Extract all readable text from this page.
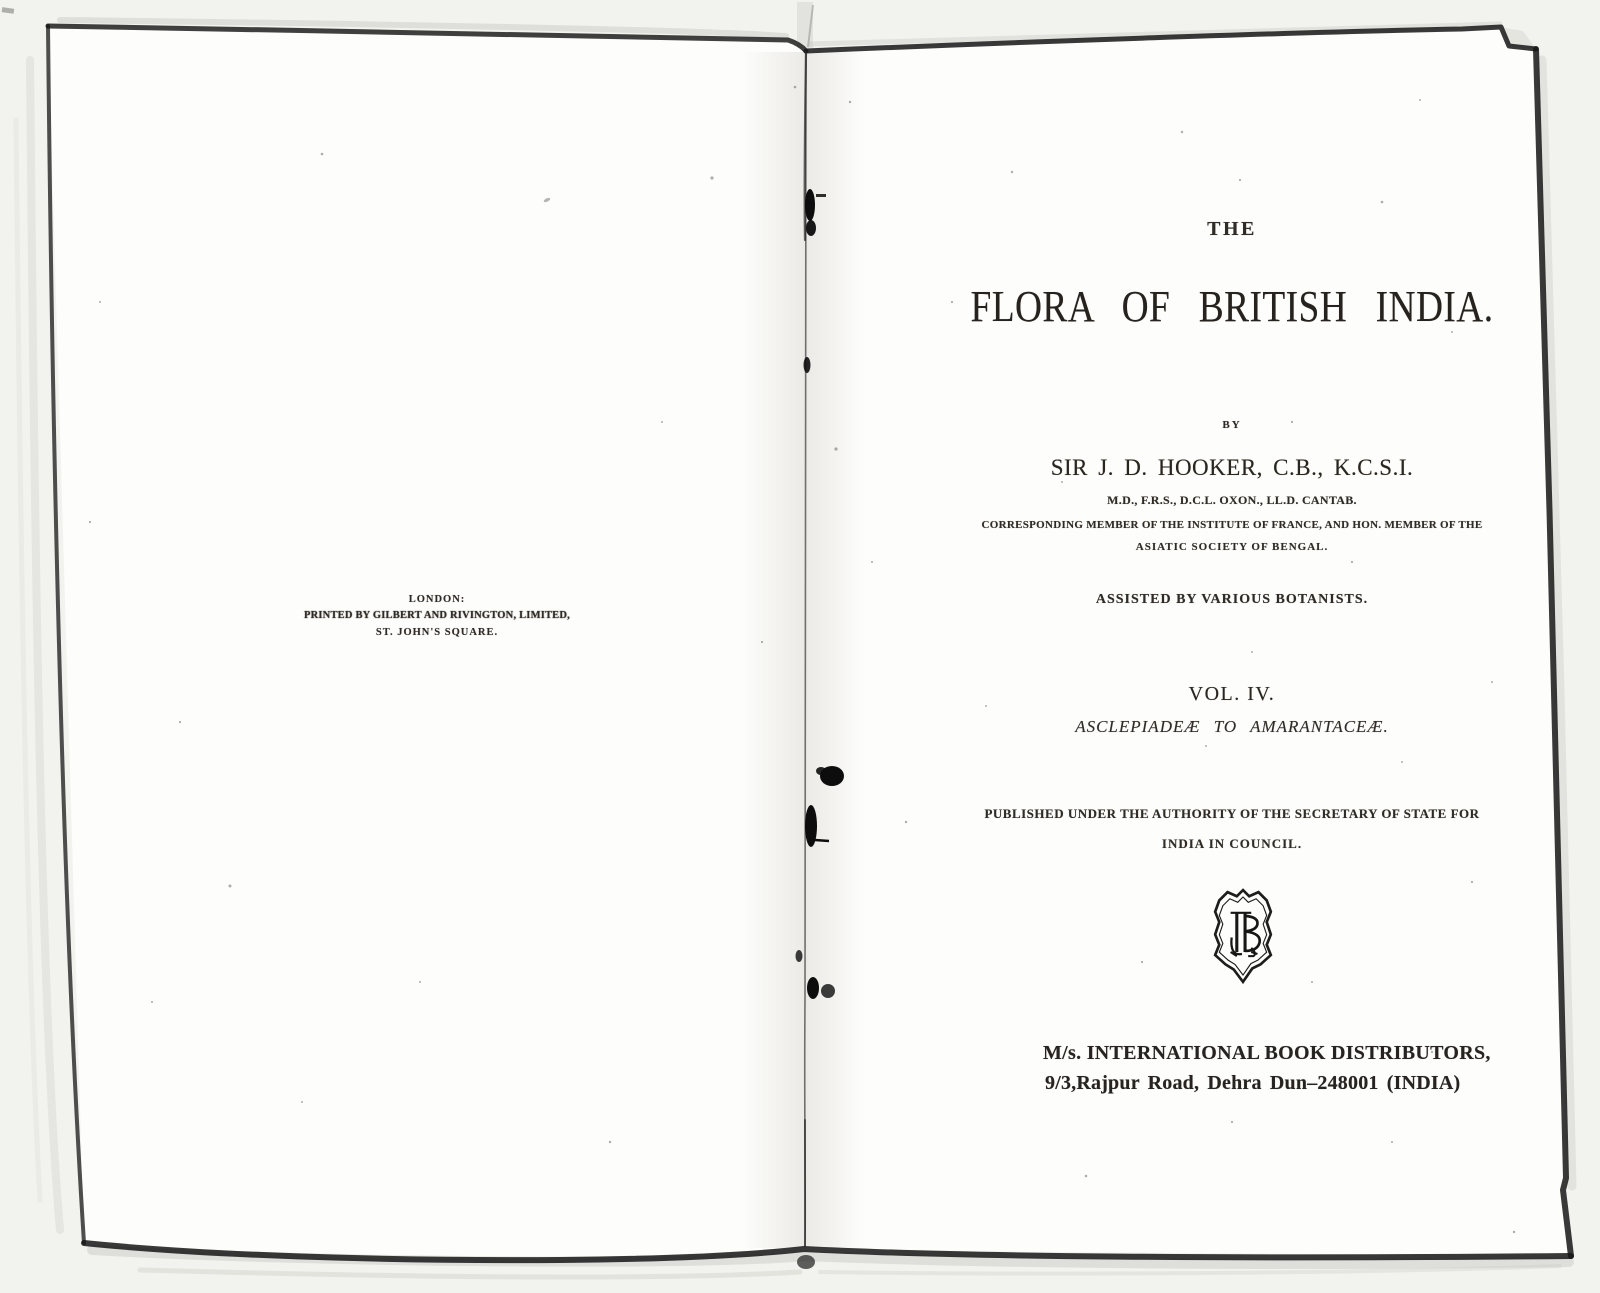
LONDON:
PRINTED BY GILBERT AND RIVINGTON, LIMITED,
ST. JOHN'S SQUARE.
THE
FLORA OF BRITISH INDIA.
BY
SIR J. D. HOOKER, C.B., K.C.S.I.
M.D., F.R.S., D.C.L. OXON., LL.D. CANTAB.
CORRESPONDING MEMBER OF THE INSTITUTE OF FRANCE, AND HON. MEMBER OF THE
ASIATIC SOCIETY OF BENGAL.
ASSISTED BY VARIOUS BOTANISTS.
VOL. IV.
ASCLEPIADEÆ TO AMARANTACEÆ.
PUBLISHED UNDER THE AUTHORITY OF THE SECRETARY OF STATE FOR
INDIA IN COUNCIL.
M/s. INTERNATIONAL BOOK DISTRIBUTORS,
9/3,Rajpur Road, Dehra Dun–248001 (INDIA)
